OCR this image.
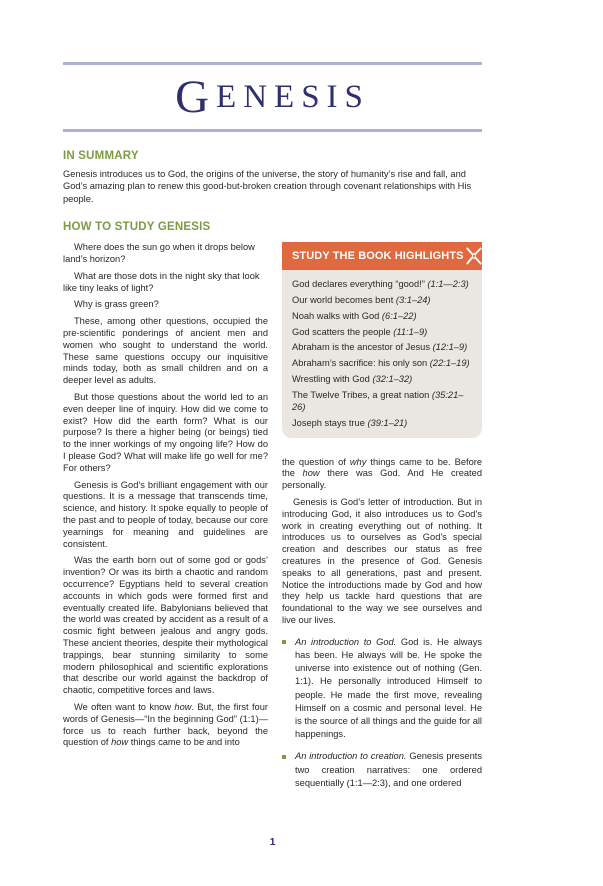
G ENESIS
IN SUMMARY

Genesis introduces us to God, the origins of the universe, the story of humanity’s rise and fall, and God’s amazing plan to renew this good-but-broken creation through covenant relationships with His people.

HOW TO STUDY GENESIS

Where does the sun go when it drops below land’s horizon?

What are those dots in the night sky that look like tiny leaks of light?

Why is grass green?

These, among other questions, occupied the pre-scientific ponderings of ancient men and women who sought to understand the world. These same questions occupy our inquisitive minds today, both as small children and on a deeper level as adults.

But those questions about the world led to an even deeper line of inquiry. How did we come to exist? How did the earth form? What is our purpose? Is there a higher being (or beings) tied to the inner workings of my ongoing life? How do I please God? What will make life go well for me? For others?

Genesis is God’s brilliant engagement with our questions. It is a message that transcends time, science, and history. It spoke equally to people of the past and to people of today, because our core yearnings for meaning and guidelines are consistent.

Was the earth born out of some god or gods’ invention? Or was its birth a chaotic and random occurrence? Egyptians held to several creation accounts in which gods were formed first and eventually created life. Babylonians believed that the world was created by accident as a result of a cosmic fight between jealous and angry gods. These ancient theories, despite their mythological trappings, bear stunning similarity to some modern philosophical and scientific explorations that describe our world against the backdrop of chaotic, competitive forces and laws.

We often want to know how. But, the first four words of Genesis—“In the beginning God” (1:1)—force us to reach further back, beyond the question of how things came to be and into

STUDY THE BOOK HIGHLIGHTS
God declares everything “good!” (1:1—2:3)
Our world becomes bent (3:1–24)
Noah walks with God (6:1–22)
God scatters the people (11:1–9)
Abraham is the ancestor of Jesus (12:1–9)
Abraham’s sacrifice: his only son (22:1–19)
Wrestling with God (32:1–32)
The Twelve Tribes, a great nation (35:21–26)
Joseph stays true (39:1–21)

the question of why things came to be. Before the how there was God. And He created personally.

Genesis is God’s letter of introduction. But in introducing God, it also introduces us to God’s work in creating everything out of nothing. It introduces us to ourselves as God’s special creation and describes our status as free creatures in the presence of God. Genesis speaks to all generations, past and present. Notice the introductions made by God and how they help us tackle hard questions that are foundational to the way we see ourselves and live our lives.

An introduction to God. God is. He always has been. He always will be. He spoke the universe into existence out of nothing (Gen. 1:1). He personally introduced Himself to people. He made the first move, revealing Himself on a cosmic and personal level. He is the source of all things and the guide for all happenings.
An introduction to creation. Genesis presents two creation narratives: one ordered sequentially (1:1—2:3), and one ordered
1
